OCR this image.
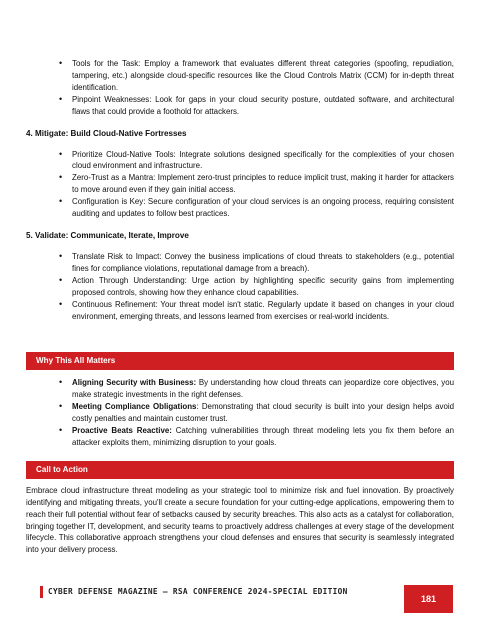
• Tools for the Task: Employ a framework that evaluates different threat categories (spoofing, repudiation, tampering, etc.) alongside cloud-specific resources like the Cloud Controls Matrix (CCM) for in-depth threat identification.
• Pinpoint Weaknesses: Look for gaps in your cloud security posture, outdated software, and architectural flaws that could provide a foothold for attackers.
4. Mitigate: Build Cloud-Native Fortresses
• Prioritize Cloud-Native Tools: Integrate solutions designed specifically for the complexities of your chosen cloud environment and infrastructure.
• Zero-Trust as a Mantra: Implement zero-trust principles to reduce implicit trust, making it harder for attackers to move around even if they gain initial access.
• Configuration is Key: Secure configuration of your cloud services is an ongoing process, requiring consistent auditing and updates to follow best practices.
5. Validate: Communicate, Iterate, Improve
• Translate Risk to Impact: Convey the business implications of cloud threats to stakeholders (e.g., potential fines for compliance violations, reputational damage from a breach).
• Action Through Understanding: Urge action by highlighting specific security gains from implementing proposed controls, showing how they enhance cloud capabilities.
• Continuous Refinement: Your threat model isn't static. Regularly update it based on changes in your cloud environment, emerging threats, and lessons learned from exercises or real-world incidents.
Why This All Matters
• Aligning Security with Business: By understanding how cloud threats can jeopardize core objectives, you make strategic investments in the right defenses.
• Meeting Compliance Obligations: Demonstrating that cloud security is built into your design helps avoid costly penalties and maintain customer trust.
• Proactive Beats Reactive: Catching vulnerabilities through threat modeling lets you fix them before an attacker exploits them, minimizing disruption to your goals.
Call to Action

Embrace cloud infrastructure threat modeling as your strategic tool to minimize risk and fuel innovation. By proactively identifying and mitigating threats, you'll create a secure foundation for your cutting-edge applications, empowering them to reach their full potential without fear of setbacks caused by security breaches. This also acts as a catalyst for collaboration, bringing together IT, development, and security teams to proactively address challenges at every stage of the development lifecycle. This collaborative approach strengthens your cloud defenses and ensures that security is seamlessly integrated into your delivery process.

CYBER DEFENSE MAGAZINE – RSA CONFERENCE 2024-SPECIAL EDITION
181
